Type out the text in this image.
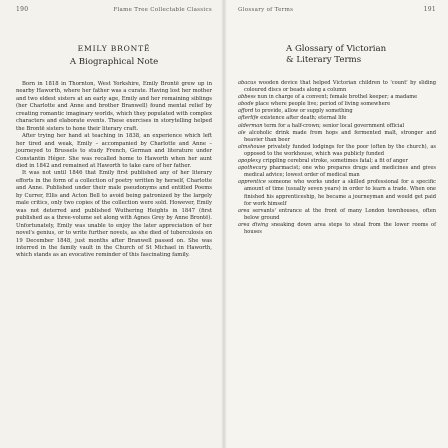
190	Flame Tree Collectable Classics
EMILY BRONTË
A Biographical Note

Born in 1818 in Thornton, West Yorkshire, Emily Brontë grew up in nearby Haworth, where her father was a curate. Having lost her mother and two eldest sisters at an early age, Emily and her remaining siblings (her Charlotte and Anne and brother Branwell) found mental relief by creating romantic imaginary worlds, which they populated with complex characters and elaborate events. These exercises in storytelling helped the Brontë sisters to hone their literary craft.

After trying her hand at teaching in 1838, an experience which left her tired and weak, Emily – accompanied by Charlotte and Anne – journeyed to Brussels to study French, German and literature under Constantin Héger. She was recalled home to Haworth when her aunt died in 1842 and remained at Haworth to take care of her father.

It was not until 1846 that Emily first published any of her literary efforts in the form of a collection of poetry written by herself, Charlotte and Anne. Published under their male pseudonyms and entitled Poems by Currer, Ellis and Acton Bell to avoid being patronized by the largely male critics, only two copies of the collection were sold. However, Emily was not deterred and published Wuthering Heights in 1847 (first published as a three-volume set along with Agnes Grey by Anne Brontë). Unfortunately, Emily was unable to enjoy the later appreciation of her novel's genius, or to write further novels, as she died of tuberculosis on 19 December 1848, just months after Branwell passed on. She was interred in the family vault in the Church of St Michael in Haworth, which stands as an evocative reminder of this fascinating family.

Glossary of Terms	191
A Glossary of Victorian
& Literary Terms

abacus wooden device that helped Victorian children to 'count' by sliding coloured discs or beads along a column

abbess nun in charge of a convent; female brothel keeper; a madame

abode place where people live; period of living somewhere

afford to provide, allow or supply something

afterlife existence after death; eternal life

alderman term for a half-crown; senior local government official

ale alcoholic drink made from hops and fermented malt, stronger and heavier than beer

almshouse privately funded lodgings for the poor (often by the church), as opposed to the workhouse, which was publicly funded

apoplexy crippling cerebral stroke, sometimes fatal; a fit of anger

apothecary pharmacist; one who prepares drugs and medicines and gives medical advice; lowest order of medical man

apprentice someone who works under a skilled professional for a specific amount of time (usually seven years) in order to learn a trade. When one finished his apprenticeship, he became a journeyman and would get paid for work himself

area servants' entrance at the front of many London townhouses, often below ground

area diving sneaking down area steps to steal from the lower rooms of houses
